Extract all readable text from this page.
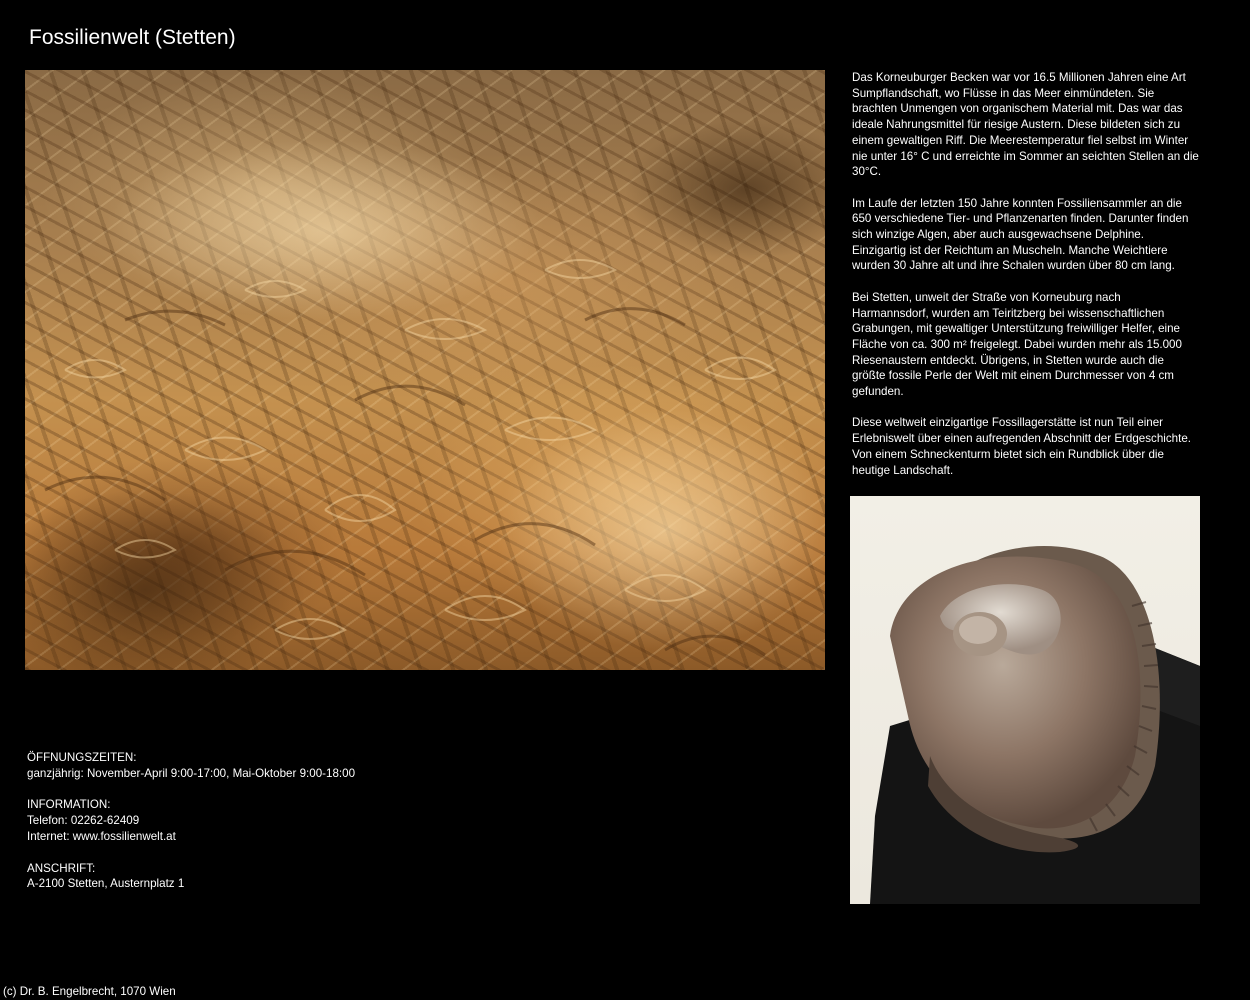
Fossilienwelt (Stetten)

Das Korneuburger Becken war vor 16.5 Millionen Jahren eine Art Sumpflandschaft, wo Flüsse in das Meer einmündeten. Sie brachten Unmengen von organischem Material mit. Das war das ideale Nahrungsmittel für riesige Austern. Diese bildeten sich zu einem gewaltigen Riff. Die Meerestemperatur fiel selbst im Winter nie unter 16° C und erreichte im Sommer an seichten Stellen an die 30°C.

Im Laufe der letzten 150 Jahre konnten Fossiliensammler an die 650 verschiedene Tier- und Pflanzenarten finden. Darunter finden sich winzige Algen, aber auch ausgewachsene Delphine. Einzigartig ist der Reichtum an Muscheln. Manche Weichtiere wurden 30 Jahre alt und ihre Schalen wurden über 80 cm lang.

Bei Stetten, unweit der Straße von Korneuburg nach Harmannsdorf, wurden am Teiritzberg bei wissenschaftlichen Grabungen, mit gewaltiger Unterstützung freiwilliger Helfer, eine Fläche von ca. 300 m² freigelegt. Dabei wurden mehr als 15.000 Riesenaustern entdeckt. Übrigens, in Stetten wurde auch die größte fossile Perle der Welt mit einem Durchmesser von 4 cm gefunden.

Diese weltweit einzigartige Fossillagerstätte ist nun Teil einer Erlebniswelt über einen aufregenden Abschnitt der Erdgeschichte. Von einem Schneckenturm bietet sich ein Rundblick über die heutige Landschaft.

ÖFFNUNGSZEITEN:
ganzjährig: November-April 9:00-17:00, Mai-Oktober 9:00-18:00
INFORMATION:
Telefon: 02262-62409
Internet: www.fossilienwelt.at
ANSCHRIFT:
A-2100 Stetten, Austernplatz 1
(c) Dr. B. Engelbrecht, 1070 Wien
